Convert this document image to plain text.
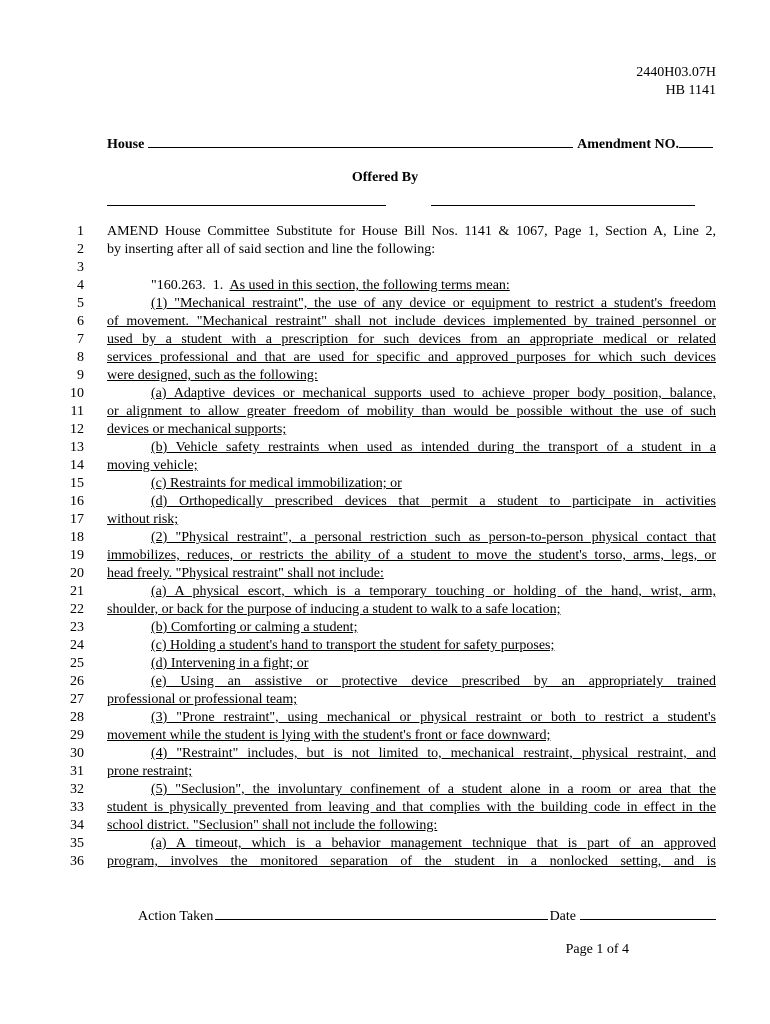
2440H03.07H
HB 1141
House	Amendment NO.
Offered By
1 AMEND House Committee Substitute for House Bill Nos. 1141 & 1067, Page 1, Section A, Line 2,
2 by inserting after all of said section and line the following:
3
4	"160.263.  1.  As used in this section, the following terms mean:
5	(1) "Mechanical restraint", the use of any device or equipment to restrict a student's freedom
6 of movement. "Mechanical restraint" shall not include devices implemented by trained personnel or
7 used by a student with a prescription for such devices from an appropriate medical or related
8 services professional and that are used for specific and approved purposes for which such devices
9 were designed, such as the following:
10	(a) Adaptive devices or mechanical supports used to achieve proper body position, balance,
11 or alignment to allow greater freedom of mobility than would be possible without the use of such
12 devices or mechanical supports;
13	(b) Vehicle safety restraints when used as intended during the transport of a student in a
14 moving vehicle;
15	(c) Restraints for medical immobilization; or
16	(d) Orthopedically prescribed devices that permit a student to participate in activities
17 without risk;
18	(2) "Physical restraint", a personal restriction such as person-to-person physical contact that
19 immobilizes, reduces, or restricts the ability of a student to move the student's torso, arms, legs, or
20 head freely. "Physical restraint" shall not include:
21	(a) A physical escort, which is a temporary touching or holding of the hand, wrist, arm,
22 shoulder, or back for the purpose of inducing a student to walk to a safe location;
23	(b) Comforting or calming a student;
24	(c) Holding a student's hand to transport the student for safety purposes;
25	(d) Intervening in a fight; or
26	(e) Using an assistive or protective device prescribed by an appropriately trained
27 professional or professional team;
28	(3) "Prone restraint", using mechanical or physical restraint or both to restrict a student's
29 movement while the student is lying with the student's front or face downward;
30	(4) "Restraint" includes, but is not limited to, mechanical restraint, physical restraint, and
31 prone restraint;
32	(5) "Seclusion", the involuntary confinement of a student alone in a room or area that the
33 student is physically prevented from leaving and that complies with the building code in effect in the
34 school district. "Seclusion" shall not include the following:
35	(a) A timeout, which is a behavior management technique that is part of an approved
36 program, involves the monitored separation of the student in a nonlocked setting, and is
Action Taken	Date
Page 1 of 4
